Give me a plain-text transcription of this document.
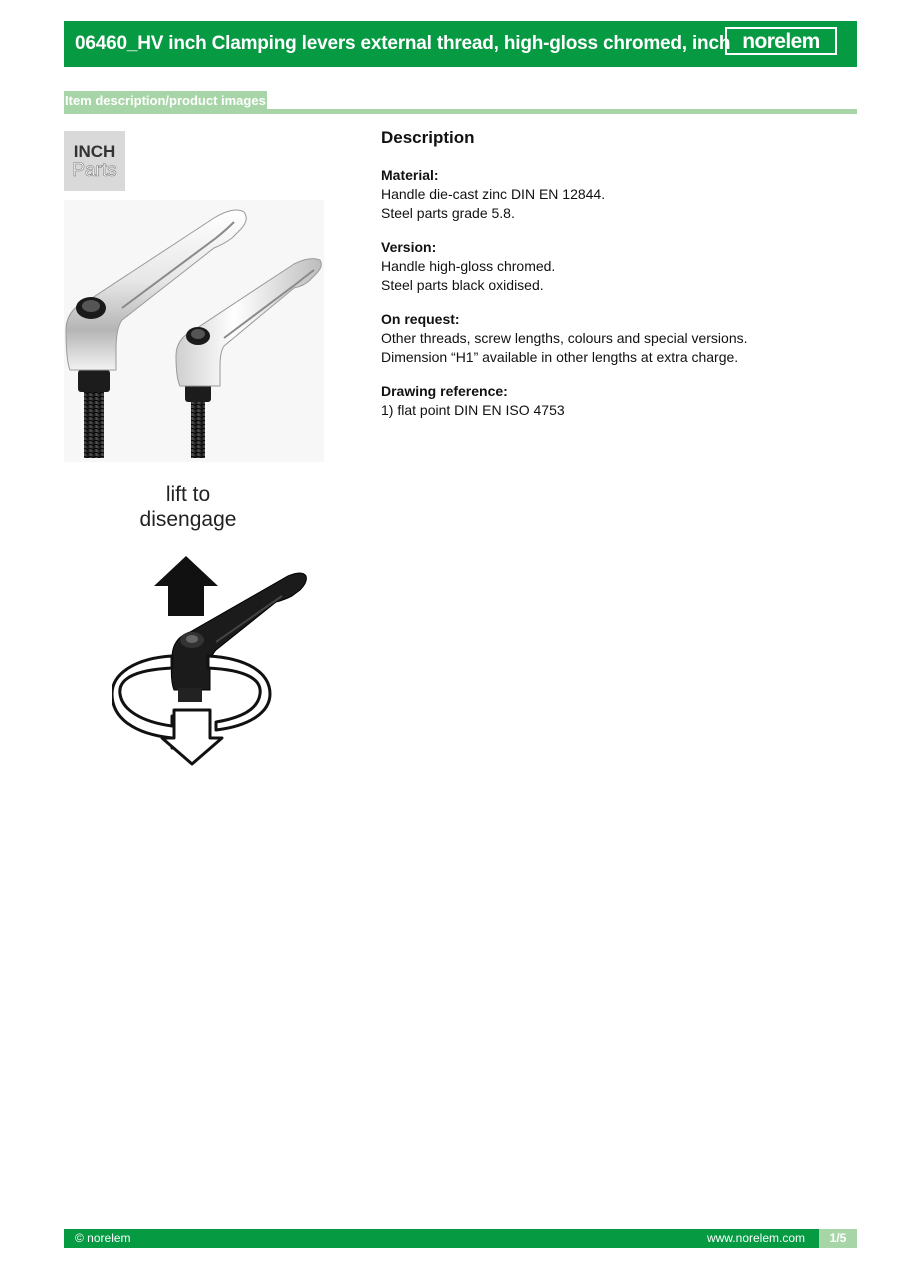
06460_HV inch Clamping levers external thread, high-gloss chromed, inch norelem
Item description/product images
INCH
Parts
lift to
disengage
Description
Material:
Handle die-cast zinc DIN EN 12844.
Steel parts grade 5.8.
Version:
Handle high-gloss chromed.
Steel parts black oxidised.
On request:
Other threads, screw lengths, colours and special versions.
Dimension “H1” available in other lengths at extra charge.
Drawing reference:
1) flat point DIN EN ISO 4753
© norelem	www.norelem.com	1/5
